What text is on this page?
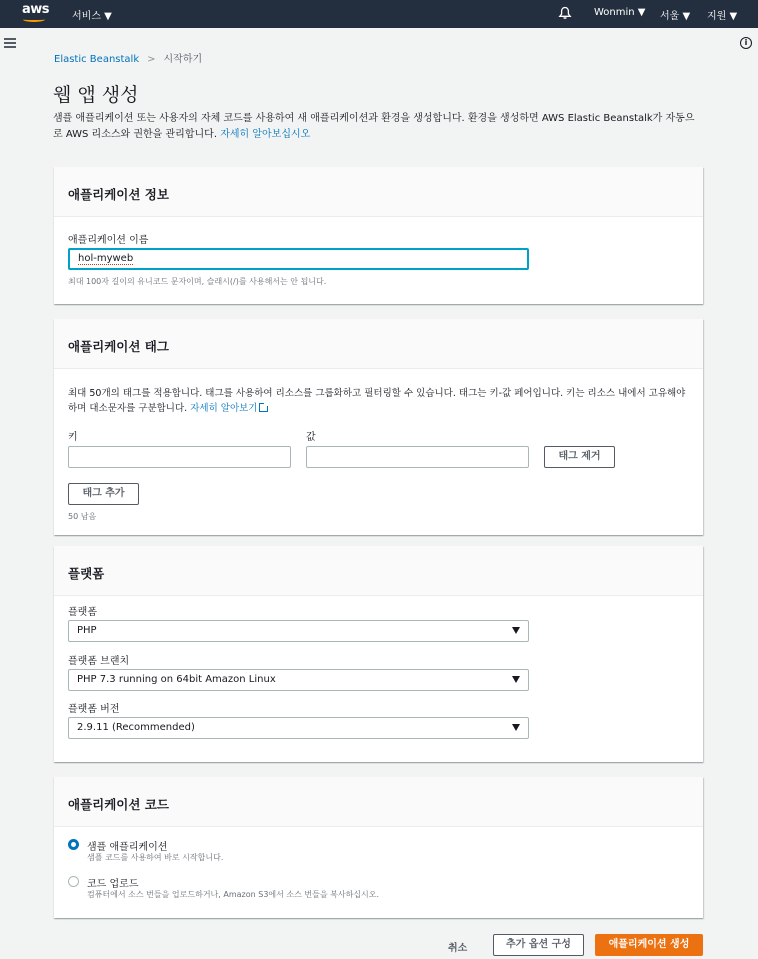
aws 서비스 ▼	Wonmin ▼ 서울 ▼ 지원 ▼
i
Elastic Beanstalk > 시작하기
웹 앱 생성
샘플 애플리케이션 또는 사용자의 자체 코드를 사용하여 새 애플리케이션과 환경을 생성합니다. 환경을 생성하면 AWS Elastic Beanstalk가 자동으로 AWS 리소스와 권한을 관리합니다. 자세히 알아보십시오
애플리케이션 정보
애플리케이션 이름
hol-myweb
최대 100자 길이의 유니코드 문자이며, 슬래시(/)를 사용해서는 안 됩니다.
애플리케이션 태그
최대 50개의 태그를 적용합니다. 태그를 사용하여 리소스를 그룹화하고 필터링할 수 있습니다. 태그는 키-값 페어입니다. 키는 리소스 내에서 고유해야 하며 대소문자를 구분합니다. 자세히 알아보기
키	값
태그 제거
태그 추가
50 남음
플랫폼
플랫폼
PHP
플랫폼 브랜치
PHP 7.3 running on 64bit Amazon Linux
플랫폼 버전
2.9.11 (Recommended)
애플리케이션 코드
샘플 애플리케이션
샘플 코드를 사용하여 바로 시작합니다.
코드 업로드
컴퓨터에서 소스 번들을 업로드하거나, Amazon S3에서 소스 번들을 복사하십시오.
취소	추가 옵션 구성	애플리케이션 생성
